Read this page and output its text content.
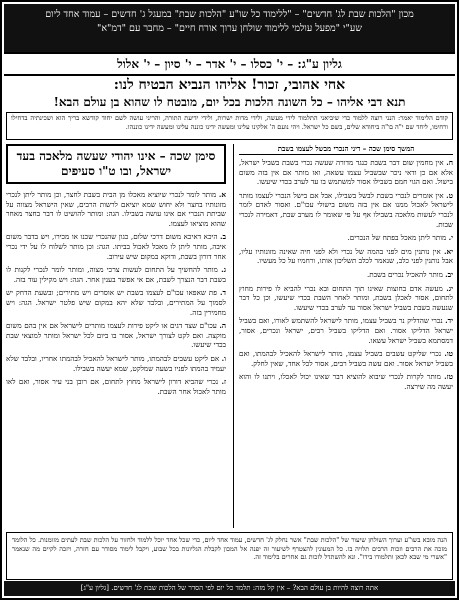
מכון "הלכות שבת לג' חדשים" – "ללימוד כל שו"ע "הלכות שבת" במעגל ג' חדשים – עמוד אחד ליום
שע"י "מפעל עולמי ללימוד שולחן ערוך אורח חיים" – מחבר עם "דמ"א"
גליון ע"ג: – י' כסלו – י' אדר – י' סיון – י' אלול
אחי אהובי, זכור! אליהו הנביא הבטיח לנו:
תנא דבי אליהו – כל השונה הלכות בכל יום, מובטח לו שהוא בן עולם הבא!
קודם הלימוד יאמר: הנני רוצה ללמוד כדי שיביאני התלמוד לידי מעשה, ולידי מדות ישרות, ולידי ידיעת התורה, והריני עושה לשם יחוד קודשא בריך הוא ושכינתיה בדחילו ורחימו, ליחד שם י"ה בו"ה ביחודא שלים, בשם כל ישראל. ויהי נועם ה' אלקינו עלינו ומעשה ידינו כוננה עלינו ומעשה ידינו כוננהו.
המשך סימן שכה – דיני הנכרי מבשל לעצמו בשבת
ח. אין מחמין שום דבר בשבת כנגד מדורה שעשה נכרי בשבת בשביל ישראל, אלא אם כן ודאי ניכר שבשביל עצמו עשאה, ואז מותר אם אין בזה משום בישול. ואם הגוי חמם בשבילו אסור למשתמש בו עד לערב בכדי שיעשו.
ט. אין אומרים לנכרי בשבת לבשל בשבילו, אבל אם בישל הנכרי לעצמו מותר לישראל לאכול ממנו אם אין בזה משום בישולי עכו"ם. ואסור לאדם לומר לנכרי לעשות מלאכה בשבילו אף על פי שאומר לו מערב שבת, דאמירה לנכרי שבות.
י. מותר ליתן מאכל בפתח של הנכרים.
יא. אין נותנין מים לפני בהמה של נכרי ולא לפני חיה שאינה מזונותיו עליו, אבל נותנין לפני כלב, שנאמר לכלב תשליכון אותו, ורחמיו על כל מעשיו.
יב. מותר להאכיל נכרים בשבת.
יג. מעשה אדם בחוצות שאינו תוך התחום ובא נכרי להביא לו פירות מחוץ לתחום, אסור לאכלן בשבת, ומותר לאחר השבת בכדי שיעשו, וכן כל דבר שנעשה בשבת בשביל ישראל אסור עד לערב בכדי שיעשו.
יד. נכרי שהדליק נר בשביל עצמו, מותר לישראל להשתמש לאורו, ואם בשביל ישראל הדליקו אסור. ואם הדליקו בשביל רבים, ישראל ונכרים, אסור, דמסתמא בשביל ישראל עשאו.
טו. נכרי שליקט עשבים בשביל עצמו, מותר לישראל להאכיל לבהמתו, ואם בשביל ישראל אסור. ואם עשה בשביל רבים, אסור לכל אחד, שאין לחלק.
טז. מותר לקרות לנכרי שיבוא להוציא דבר שאינו יכול לאכלו, ויתנו לו והוא יעשה מה שירצה.
סימן שכה – אינו יהודי שעשה מלאכה בעד ישראל, ובו ט"ו סעיפים
א. מותר לומר לנכרי שיוציא מאכלו מן הבית בשבת לחצר, וכן מותר ליתן לנכרי מזונותיו בחצר ולא יחוש שמא יוציאם לרשות הרבים, שאין הישראל מצווה על שביתת הנכרי אם אינו עושה בשבילו. הגה: ומותר להושיט לו דבר בחצר מאחר שהוא מוציאו לעצמו.
ב. היכא דאיכא משום דרכי שלום, כגון שהנכרי שכנו או מכירו, ויש בדבר משום איבה, מותר ליתן לו מאכל לאכול בביתו. הגה: וכן מותר לשלוח לו על ידי נכרי אחר דורון בשבת, ודוקא במקום שיש עירוב.
ג. מותר להחשיך על התחום לעשות צרכי מצוה, ומותר לומר לנכרי לקנות לו בשבת דבר הנצרך לשבת, אם אי אפשר בענין אחר. הגה: ויש מקילין עוד בזה.
ד. פת שאפאו עכו"ם לעצמו בשבת יש אוסרים ויש מתירים; ובשעת הדחק יש לסמוך על המתירים, ובלבד שלא יהא במקום שיש פלטר ישראל. הגה: ויש מחמירין בזה.
ה. עכו"ם שצד דגים או ליקט פירות לעצמו מותרים לישראל אם אין בהם משום מוקצה. ואם לקט לצורך ישראל, אסור בו ביום לכל ישראל ומותר למוצאי שבת בכדי שיעשו.
ו. אם ליקט עשבים לבהמתו, מותר לישראל להאכיל לבהמתו אחריו, ובלבד שלא יעמיד בהמתו לפניו בשעה שמלקט, שמא יעשה בשבילו.
ז. נכרי שהביא דורון לישראל מחוץ לתחום, אם רובן בני עיר אסור, ואם לאו מותר לאכול אחר השבת.
הנה מובא בשו"ע וערוך השולחן שיעור של "הלכות שבת" אשר נחלק לג' חדשים, עמוד אחד ליום, כדי שכל אחד יוכל ללמוד ולחזור על הלכות שבת לעתים מזומנות. כל הלומד מזכה את הרבים וזכות הרבים תלויה בו. כל המעונין להצטרף לשיעור זה יפנה אל המכון לקבלת הגליונות בכל שבוע, ויקבל לימוד מסודר עם חזרה, ויזכה לקיים מה שנאמר "אשרי מי שבא לכאן ותלמודו בידו". ונא להשתדל לזכות גם אחרים בלימוד זה.
אתה רוצה להיות בן עולם הבא? – אין קל מזה: תלמד כל יום לפי הסדר של הלכות שבת לג' חדשים. [גליון ע"ג]
